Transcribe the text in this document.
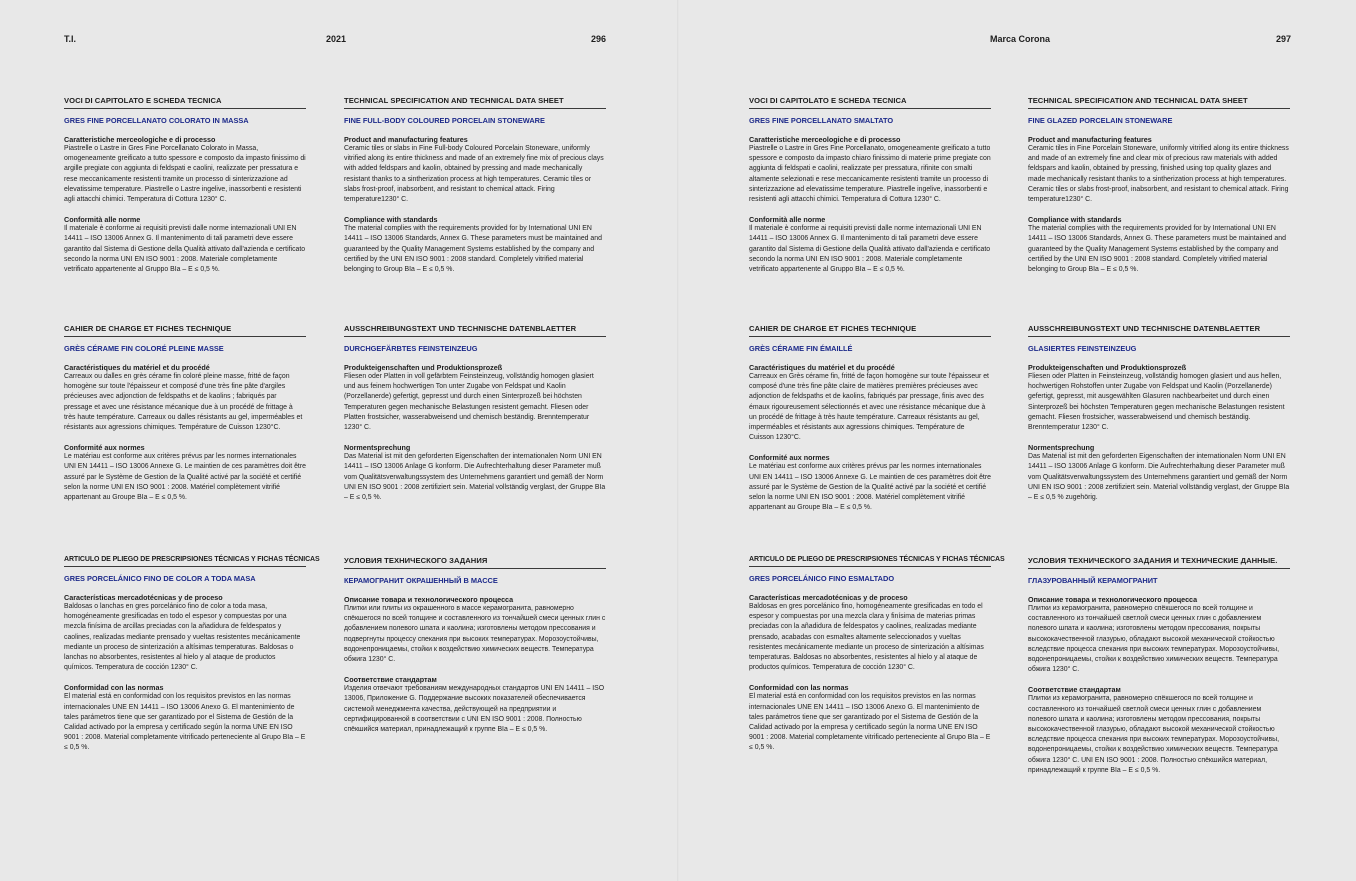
T.I.	2021	296
VOCI DI CAPITOLATO E SCHEDA TECNICA
GRES FINE PORCELLANATO COLORATO IN MASSA
Caratteristiche merceologiche e di processo

Piastrelle o Lastre in Gres Fine Porcellanato Colorato in Massa, omogeneamente greificato a tutto spessore e composto da impasto finissimo di argille pregiate con aggiunta di feldspati e caolini, realizzate per pressatura e rese meccanicamente resistenti tramite un processo di sinterizzazione ad elevatissime temperature. Piastrelle o Lastre ingelive, inassorbenti e resistenti agli attacchi chimici. Temperatura di Cottura 1230° C.

Conformità alle norme

Il materiale è conforme ai requisiti previsti dalle norme internazionali UNI EN 14411 – ISO 13006 Annex G. Il mantenimento di tali parametri deve essere garantito dal Sistema di Gestione della Qualità attivato dall'azienda e certificato secondo la norma UNI EN ISO 9001 : 2008. Materiale completamente vetrificato appartenente al Gruppo BIa – E ≤ 0,5 %.

CAHIER DE CHARGE ET FICHES TECHNIQUE
GRÈS CÉRAME FIN COLORÉ PLEINE MASSE
Caractéristiques du matériel et du procédé

Carreaux ou dalles en grès cérame fin coloré pleine masse, fritté de façon homogène sur toute l'épaisseur et composé d'une très fine pâte d'argiles précieuses avec adjonction de feldspaths et de kaolins ; fabriqués par pressage et avec une résistance mécanique due à un procédé de frittage à très haute température. Carreaux ou dalles résistants au gel, imperméables et résistants aux agressions chimiques. Température de Cuisson 1230°C.

Conformité aux normes

Le matériau est conforme aux critères prévus par les normes internationales UNI EN 14411 – ISO 13006 Annexe G. Le maintien de ces paramètres doit être assuré par le Système de Gestion de la Qualité activé par la société et certifié selon la norme UNI EN ISO 9001 : 2008. Matériel complètement vitrifié appartenant au Groupe BIa – E ≤ 0,5 %.

ARTICULO DE PLIEGO DE PRESCRIPSIONES TÉCNICAS Y FICHAS TÉCNICAS
GRES PORCELÁNICO FINO DE COLOR A TODA MASA
Características mercadotécnicas y de proceso

Baldosas o lanchas en gres porcelánico fino de color a toda masa, homogéneamente gresificadas en todo el espesor y compuestas por una mezcla finísima de arcillas preciadas con la añadidura de feldespatos y caolines, realizadas mediante prensado y vueltas resistentes mecánicamente mediante un proceso de sinterización a altísimas temperaturas. Baldosas o lanchas no absorbentes, resistentes al hielo y al ataque de productos químicos. Temperatura de cocción 1230° C.

Conformidad con las normas

El material está en conformidad con los requisitos previstos en las normas internacionales UNE EN 14411 – ISO 13006 Anexo G. El mantenimiento de tales parámetros tiene que ser garantizado por el Sistema de Gestión de la Calidad activado por la empresa y certificado según la norma UNE EN ISO 9001 : 2008. Material completamente vitrificado perteneciente al Grupo BIa – E ≤ 0,5 %.

TECHNICAL SPECIFICATION AND TECHNICAL DATA SHEET
FINE FULL-BODY COLOURED PORCELAIN STONEWARE
Product and manufacturing features

Ceramic tiles or slabs in Fine Full-body Coloured Porcelain Stoneware, uniformly vitrified along its entire thickness and made of an extremely fine mix of precious clays with added feldspars and kaolin, obtained by pressing and made mechanically resistant thanks to a sintherization process at high temperatures. Ceramic tiles or slabs frost-proof, inabsorbent, and resistant to chemical attack. Firing temperature1230° C.

Compliance with standards

The material complies with the requirements provided for by International UNI EN 14411 – ISO 13006 Standards, Annex G. These parameters must be maintained and guaranteed by the Quality Management Systems established by the company and certified by the UNI EN ISO 9001 : 2008 standard. Completely vitrified material belonging to Group BIa – E ≤ 0,5 %.

AUSSCHREIBUNGSTEXT UND TECHNISCHE DATENBLAETTER
DURCHGEFÄRBTES FEINSTEINZEUG
Produkteigenschaften und Produktionsprozeß

Fliesen oder Platten in voll gefärbtem Feinsteinzeug, vollständig homogen glasiert und aus feinem hochwertigen Ton unter Zugabe von Feldspat und Kaolin (Porzellanerde) gefertigt, gepresst und durch einen Sinterprozeß bei höchsten Temperaturen gegen mechanische Belastungen resistent gemacht. Fliesen oder Platten frostsicher, wasserabweisend und chemisch beständig. Brenntemperatur 1230° C.

Normentsprechung

Das Material ist mit den geforderten Eigenschaften der internationalen Norm UNI EN 14411 – ISO 13006 Anlage G konform. Die Aufrechterhaltung dieser Parameter muß vom Qualitätsverwaltungssystem des Unternehmens garantiert und gemäß der Norm UNI EN ISO 9001 : 2008 zertifiziert sein. Material vollständig verglast, der Gruppe BIa – E ≤ 0,5 %.

УСЛОВИЯ ТЕХНИЧЕСКОГО ЗАДАНИЯ
КЕРАМОГРАНИТ ОКРАШЕННЫЙ В МАССЕ
Описание товара и технологического процесса

Плитки или плиты из окрашенного в массе керамогранита, равномерно спёкшегося по всей толщине и составленного из тончайшей смеси ценных глин с добавлением полевого шпата и каолина; изготовлены методом прессования и подвергнуты процессу спекания при высоких температурах. Морозоустойчивы, водонепроницаемы, стойки к воздействию химических веществ. Температура обжига 1230° C.

Соответствие стандартам

Изделия отвечают требованиям международных стандартов UNI EN 14411 – ISO 13006, Приложение G. Поддержание высоких показателей обеспечивается системой менеджмента качества, действующей на предприятии и сертифицированной в соответствии с UNI EN ISO 9001 : 2008. Полностью спёкшийся материал, принадлежащий к группе BIa – E ≤ 0,5 %.

Marca Corona	297
VOCI DI CAPITOLATO E SCHEDA TECNICA
GRES FINE PORCELLANATO SMALTATO
Caratteristiche merceologiche e di processo

Piastrelle o Lastre in Gres Fine Porcellanato, omogeneamente greificato a tutto spessore e composto da impasto chiaro finissimo di materie prime pregiate con aggiunta di feldspati e caolini, realizzate per pressatura, rifinite con smalti altamente selezionati e rese meccanicamente resistenti tramite un processo di sinterizzazione ad elevatissime temperature. Piastrelle ingelive, inassorbenti e resistenti agli attacchi chimici. Temperatura di Cottura 1230° C.

Conformità alle norme

Il materiale è conforme ai requisiti previsti dalle norme internazionali UNI EN 14411 – ISO 13006 Annex G. Il mantenimento di tali parametri deve essere garantito dal Sistema di Gestione della Qualità attivato dall'azienda e certificato secondo la norma UNI EN ISO 9001 : 2008. Materiale completamente vetrificato appartenente al Gruppo BIa – E ≤ 0,5 %.

CAHIER DE CHARGE ET FICHES TECHNIQUE
GRÈS CÉRAME FIN ÉMAILLÉ
Caractéristiques du matériel et du procédé

Carreaux en Grès cérame fin, fritté de façon homogène sur toute l'épaisseur et composé d'une très fine pâte claire de matières premières précieuses avec adjonction de feldspaths et de kaolins, fabriqués par pressage, finis avec des émaux rigoureusement sélectionnés et avec une résistance mécanique due à un procédé de frittage à très haute température. Carreaux résistants au gel, imperméables et résistants aux agressions chimiques. Température de Cuisson 1230°C.

Conformité aux normes

Le matériau est conforme aux critères prévus par les normes internationales UNI EN 14411 – ISO 13006 Annexe G. Le maintien de ces paramètres doit être assuré par le Système de Gestion de la Qualité activé par la société et certifié selon la norme UNI EN ISO 9001 : 2008. Matériel complètement vitrifié appartenant au Groupe BIa – E ≤ 0,5 %.

ARTICULO DE PLIEGO DE PRESCRIPSIONES TÉCNICAS Y FICHAS TÉCNICAS
GRES PORCELÁNICO FINO ESMALTADO
Características mercadotécnicas y de proceso

Baldosas en gres porcelánico fino, homogéneamente gresificadas en todo el espesor y compuestas por una mezcla clara y finísima de materias primas preciadas con la añadidura de feldespatos y caolines, realizadas mediante prensado, acabadas con esmaltes altamente seleccionados y vueltas resistentes mecánicamente mediante un proceso de sinterización a altísimas temperaturas. Baldosas no absorbentes, resistentes al hielo y al ataque de productos químicos. Temperatura de cocción 1230° C.

Conformidad con las normas

El material está en conformidad con los requisitos previstos en las normas internacionales UNE EN 14411 – ISO 13006 Anexo G. El mantenimiento de tales parámetros tiene que ser garantizado por el Sistema de Gestión de la Calidad activado por la empresa y certificado según la norma UNE EN ISO 9001 : 2008. Material completamente vitrificado perteneciente al Grupo BIa – E ≤ 0,5 %.

TECHNICAL SPECIFICATION AND TECHNICAL DATA SHEET
FINE GLAZED PORCELAIN STONEWARE
Product and manufacturing features

Ceramic tiles in Fine Porcelain Stoneware, uniformly vitrified along its entire thickness and made of an extremely fine and clear mix of precious raw materials with added feldspars and kaolin, obtained by pressing, finished using top quality glazes and made mechanically resistant thanks to a sintherization process at high temperatures. Ceramic tiles or slabs frost-proof, inabsorbent, and resistant to chemical attack. Firing temperature1230° C.

Compliance with standards

The material complies with the requirements provided for by International UNI EN 14411 – ISO 13006 Standards, Annex G. These parameters must be maintained and guaranteed by the Quality Management Systems established by the company and certified by the UNI EN ISO 9001 : 2008 standard. Completely vitrified material belonging to Group BIa – E ≤ 0,5 %.

AUSSCHREIBUNGSTEXT UND TECHNISCHE DATENBLAETTER
GLASIERTES FEINSTEINZEUG
Produkteigenschaften und Produktionsprozeß

Fliesen oder Platten in Feinsteinzeug, vollständig homogen glasiert und aus hellen, hochwertigen Rohstoffen unter Zugabe von Feldspat und Kaolin (Porzellanerde) gefertigt, gepresst, mit ausgewählten Glasuren nachbearbeitet und durch einen Sinterprozeß bei höchsten Temperaturen gegen mechanische Belastungen resistent gemacht. Fliesen frostsicher, wasserabweisend und chemisch beständig. Brenntemperatur 1230° C.

Normentsprechung

Das Material ist mit den geforderten Eigenschaften der internationalen Norm UNI EN 14411 – ISO 13006 Anlage G konform. Die Aufrechterhaltung dieser Parameter muß vom Qualitätsverwaltungssystem des Unternehmens garantiert und gemäß der Norm UNI EN ISO 9001 : 2008 zertifiziert sein. Material vollständig verglast, der Gruppe BIa – E ≤ 0,5 % zugehörig.

УСЛОВИЯ ТЕХНИЧЕСКОГО ЗАДАНИЯ И ТЕХНИЧЕСКИЕ ДАННЫЕ.
ГЛАЗУРОВАННЫЙ КЕРАМОГРАНИТ
Описание товара и технологического процесса

Плитки из керамогранита, равномерно спёкшегося по всей толщине и составленного из тончайшей светлой смеси ценных глин с добавлением полевого шпата и каолина; изготовлены методом прессования, покрыты высококачественной глазурью, обладают высокой механической стойкостью вследствие процесса спекания при высоких температурах. Морозоустойчивы, водонепроницаемы, стойки к воздействию химических веществ. Температура обжига 1230° C.

Соответствие стандартам

Плитки из керамогранита, равномерно спёкшегося по всей толщине и составленного из тончайшей светлой смеси ценных глин с добавлением полевого шпата и каолина; изготовлены методом прессования, покрыты высококачественной глазурью, обладают высокой механической стойкостью вследствие процесса спекания при высоких температурах. Морозоустойчивы, водонепроницаемы, стойки к воздействию химических веществ. Температура обжига 1230° C. UNI EN ISO 9001 : 2008. Полностью спёкшийся материал, принадлежащий к группе BIa – E ≤ 0,5 %.
